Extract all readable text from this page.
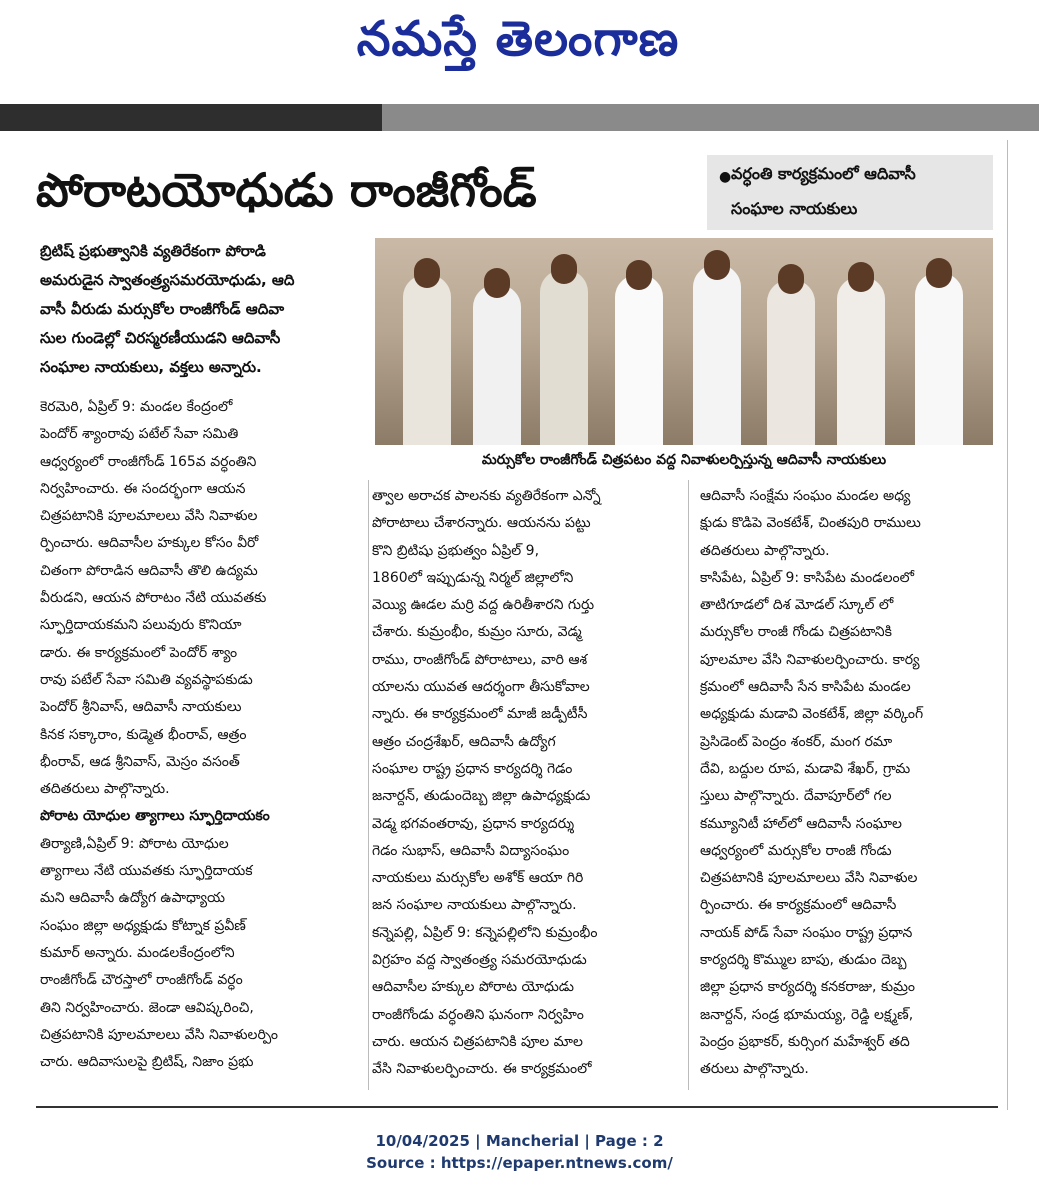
నమస్తే తెలంగాణ
పోరాటయోధుడు రాంజీగోండ్	● వర్ధంతి కార్యక్రమంలో ఆదివాసీ
సంఘాల నాయకులు
మర్సుకోల రాంజీగోండ్ చిత్రపటం వద్ద నివాళులర్పిస్తున్న ఆదివాసీ నాయకులు
బ్రిటిష్ ప్రభుత్వానికి వ్యతిరేకంగా పోరాడి
అమరుడైన స్వాతంత్ర్యసమరయోధుడు, ఆది
వాసీ వీరుడు మర్సుకోల రాంజీగోండ్ ఆదివా
సుల గుండెల్లో చిరస్మరణీయుడని ఆదివాసీ
సంఘాల నాయకులు, వక్తలు అన్నారు.
కెరమెరి, ఏప్రిల్ 9: మండల కేంద్రంలో
పెందోర్ శ్యాంరావు పటేల్ సేవా సమితి
ఆధ్వర్యంలో రాంజీగోండ్ 165వ వర్ధంతిని
నిర్వహించారు. ఈ సందర్భంగా ఆయన
చిత్రపటానికి పూలమాలలు వేసి నివాళుల
ర్పించారు. ఆదివాసీల హక్కుల కోసం వీరో
చితంగా పోరాడిన ఆదివాసీ తొలి ఉద్యమ
వీరుడని, ఆయన పోరాటం నేటి యువతకు
స్ఫూర్తిదాయకమని పలువురు కొనియా
డారు. ఈ కార్యక్రమంలో పెందోర్ శ్యాం
రావు పటేల్ సేవా సమితి వ్యవస్థాపకుడు
పెందోర్ శ్రీనివాస్, ఆదివాసీ నాయకులు
కినక సక్కారాం, కుడ్మెత భీంరావ్, ఆత్రం
భీంరావ్, ఆడ శ్రీనివాస్, మెస్రం వసంత్
తదితరులు పాల్గొన్నారు.
పోరాట యోధుల త్యాగాలు స్ఫూర్తిదాయకం
తిర్యాణి,ఏప్రిల్ 9: పోరాట యోధుల
త్యాగాలు నేటి యువతకు స్ఫూర్తిదాయక
మని ఆదివాసీ ఉద్యోగ ఉపాధ్యాయ
సంఘం జిల్లా అధ్యక్షుడు కోట్నాక ప్రవీణ్
కుమార్ అన్నారు. మండలకేంద్రంలోని
రాంజీగోండ్ చౌరస్తాలో రాంజీగోండ్ వర్ధం
తిని నిర్వహించారు. జెండా ఆవిష్కరించి,
చిత్రపటానికి పూలమాలలు వేసి నివాళులర్పిం
చారు. ఆదివాసులపై బ్రిటిష్, నిజాం ప్రభు
త్వాల అరాచక పాలనకు వ్యతిరేకంగా ఎన్నో
పోరాటాలు చేశారన్నారు. ఆయనను పట్టు
కొని బ్రిటిషు ప్రభుత్వం ఏప్రిల్ 9,
1860లో ఇప్పుడున్న నిర్మల్ జిల్లాలోని
వెయ్యి ఊడల మర్రి వద్ద ఉరితీశారని గుర్తు
చేశారు. కుమ్రంభీం, కుమ్రం సూరు, వెడ్మ
రాము, రాంజీగోండ్ పోరాటాలు, వారి ఆశ
యాలను యువత ఆదర్శంగా తీసుకోవాల
న్నారు. ఈ కార్యక్రమంలో మాజీ జడ్పీటీసీ
ఆత్రం చంద్రశేఖర్, ఆదివాసీ ఉద్యోగ
సంఘాల రాష్ట్ర ప్రధాన కార్యదర్శి గెడం
జనార్దన్, తుడుందెబ్బ జిల్లా ఉపాధ్యక్షుడు
వెడ్మ భగవంతరావు, ప్రధాన కార్యదర్శు
గెడం సుభాస్, ఆదివాసీ విద్యాసంఘం
నాయకులు మర్సుకోల అశోక్ ఆయా గిరి
జన సంఘాల నాయకులు పాల్గొన్నారు.
కన్నెపల్లి, ఏప్రిల్ 9: కన్నెపల్లిలోని కుమ్రంభీం
విగ్రహం వద్ద స్వాతంత్ర్య సమరయోధుడు
ఆదివాసీల హక్కుల పోరాట యోధుడు
రాంజీగోండు వర్ధంతిని ఘనంగా నిర్వహిం
చారు. ఆయన చిత్రపటానికి పూల మాల
వేసి నివాళులర్పించారు. ఈ కార్యక్రమంలో
ఆదివాసీ సంక్షేమ సంఘం మండల అధ్య
క్షుడు కొడిపె వెంకటేశ్, చింతపురి రాములు
తదితరులు పాల్గొన్నారు.
కాసిపేట, ఏప్రిల్ 9: కాసిపేట మండలంలో
తాటిగూడలో దిశ మోడల్ స్కూల్ లో
మర్సుకోల రాంజీ గోండు చిత్రపటానికి
పూలమాల వేసి నివాళులర్పించారు. కార్య
క్రమంలో ఆదివాసీ సేన కాసిపేట మండల
అధ్యక్షుడు మడావి వెంకటేశ్, జిల్లా వర్కింగ్
ప్రెసిడెంట్ పెంద్రం శంకర్, మంగ రమా
దేవి, బద్దుల రూప, మడావి శేఖర్, గ్రామ
స్తులు పాల్గొన్నారు. దేవాపూర్‌లో గల
కమ్యూనిటీ హాల్‌లో ఆదివాసీ సంఘాల
ఆధ్వర్యంలో మర్సుకోల రాంజీ గోండు
చిత్రపటానికి పూలమాలలు వేసి నివాళుల
ర్పించారు. ఈ కార్యక్రమంలో ఆదివాసీ
నాయక్ పోడ్ సేవా సంఘం రాష్ట్ర ప్రధాన
కార్యదర్శి కొమ్ముల బాపు, తుడుం దెబ్బ
జిల్లా ప్రధాన కార్యదర్శి కనకరాజు, కుమ్రం
జనార్దన్, సండ్ర భూమయ్య, రెడ్డి లక్ష్మణ్,
పెంద్రం ప్రభాకర్, కుర్సింగ మహేశ్వర్ తది
తరులు పాల్గొన్నారు.
10/04/2025 | Mancherial | Page : 2
Source : https://epaper.ntnews.com/
